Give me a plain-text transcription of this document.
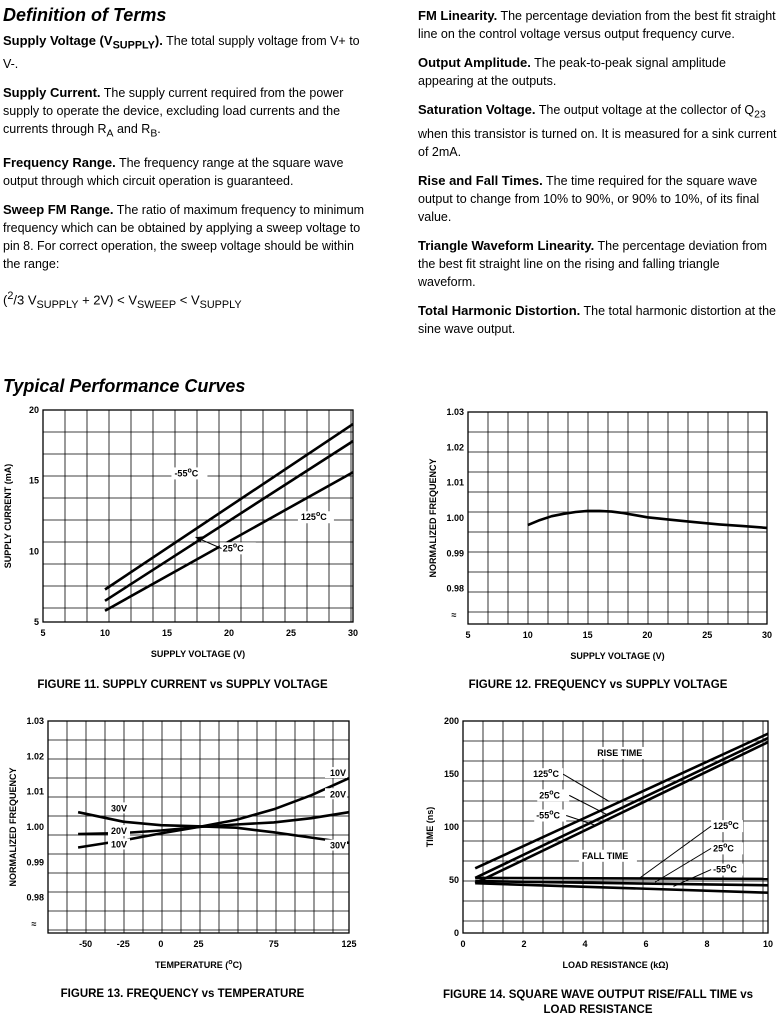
Definition of Terms

Supply Voltage $(V_{SUPPLY})$. The total supply voltage from V+ to V-.

Supply Current. The supply current required from the power supply to operate the device, excluding load currents and the currents through $R_A$ and $R_B$.

Frequency Range. The frequency range at the square wave output through which circuit operation is guaranteed.

Sweep FM Range. The ratio of maximum frequency to minimum frequency which can be obtained by applying a sweep voltage to pin 8. For correct operation, the sweep voltage should be within the range:

($^2$/3 $V_{SUPPLY} + 2V) < V_{SWEEP} < V_{SUPPLY}$

FM Linearity. The percentage deviation from the best fit straight line on the control voltage versus output frequency curve.

Output Amplitude. The peak-to-peak signal amplitude appearing at the outputs.

Saturation Voltage. The output voltage at the collector of $Q_{23}$ when this transistor is turned on. It is measured for a sink current of 2mA.

Rise and Fall Times. The time required for the square wave output to change from 10% to 90%, or 90% to 10%, of its final value.

Triangle Waveform Linearity. The percentage deviation from the best fit straight line on the rising and falling triangle waveform.

Total Harmonic Distortion. The total harmonic distortion at the sine wave output.

Typical Performance Curves
5
10
15
20
5	10	15	20	25	30
SUPPLY VOLTAGE (V)
SUPPLY CURRENT (mA)	-55$^o$C
125$^o$C
25$^o$C
0.98
0.99
1.00
1.01
1.02
1.03
5	10	15	20	25	30
SUPPLY VOLTAGE (V)
NORMALIZED FREQUENCY
≈
0.98
0.99
1.00
1.01
1.02
1.03
-50	-25	0	25	75	125
TEMPERATURE ($^o$C)
NORMALIZED FREQUENCY
≈
30V
20V
10V
10V
20V
30V
0
50
100
150
200
0	2	4	6	8	10
LOAD RESISTANCE (kΩ)
TIME (ns)
RISE TIME
FALL TIME
125$^o$C
25$^o$C
-55$^o$C
125$^o$C
25$^o$C
-55$^o$C
FIGURE 11. SUPPLY CURRENT vs SUPPLY VOLTAGE	FIGURE 12. FREQUENCY vs SUPPLY VOLTAGE
FIGURE 13. FREQUENCY vs TEMPERATURE	FIGURE 14. SQUARE WAVE OUTPUT RISE/FALL TIME vs
LOAD RESISTANCE
